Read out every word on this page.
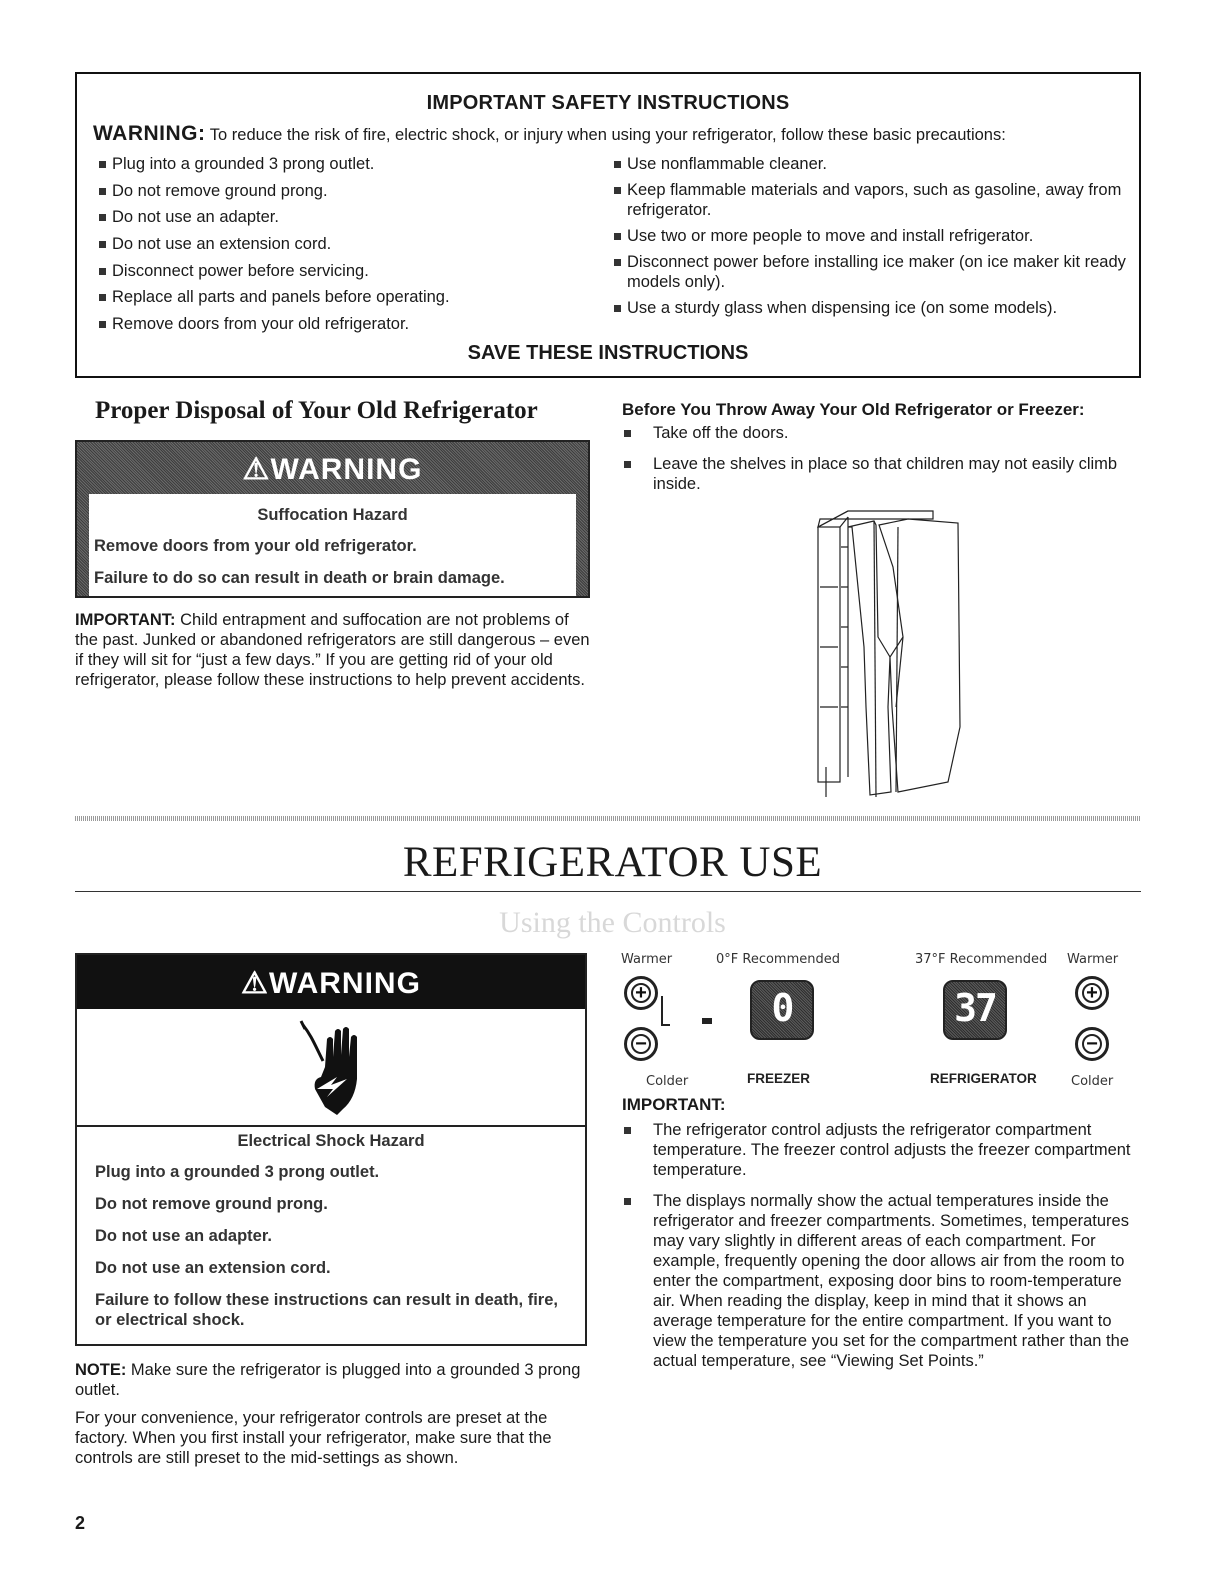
IMPORTANT SAFETY INSTRUCTIONS
WARNING: To reduce the risk of fire, electric shock, or injury when using your refrigerator, follow these basic precautions:
Plug into a grounded 3 prong outlet.
Do not remove ground prong.
Do not use an adapter.
Do not use an extension cord.
Disconnect power before servicing.
Replace all parts and panels before operating.
Remove doors from your old refrigerator.
Use nonflammable cleaner.
Keep flammable materials and vapors, such as gasoline, away from refrigerator.
Use two or more people to move and install refrigerator.
Disconnect power before installing ice maker (on ice maker kit ready models only).
Use a sturdy glass when dispensing ice (on some models).
SAVE THESE INSTRUCTIONS
Proper Disposal of Your Old Refrigerator
⚠WARNING
Suffocation Hazard
Remove doors from your old refrigerator.
Failure to do so can result in death or brain damage.
IMPORTANT: Child entrapment and suffocation are not problems of the past. Junked or abandoned refrigerators are still dangerous – even if they will sit for “just a few days.” If you are getting rid of your old refrigerator, please follow these instructions to help prevent accidents.
Before You Throw Away Your Old Refrigerator or Freezer:
Take off the doors.
Leave the shelves in place so that children may not easily climb inside.
REFRIGERATOR USE
Using the Controls
⚠WARNING
Electrical Shock Hazard
Plug into a grounded 3 prong outlet.
Do not remove ground prong.
Do not use an adapter.
Do not use an extension cord.
Failure to follow these instructions can result in death, fire, or electrical shock.
NOTE: Make sure the refrigerator is plugged into a grounded 3 prong outlet.
For your convenience, your refrigerator controls are preset at the factory. When you first install your refrigerator, make sure that the controls are still preset to the mid-settings as shown.
Warmer	0°F Recommended	37°F Recommended Warmer
+
−
0	37	+
−
Colder	FREEZER	REFRIGERATOR	Colder
IMPORTANT:
The refrigerator control adjusts the refrigerator compartment temperature. The freezer control adjusts the freezer compartment temperature.
The displays normally show the actual temperatures inside the refrigerator and freezer compartments. Sometimes, temperatures may vary slightly in different areas of each compartment. For example, frequently opening the door allows air from the room to enter the compartment, exposing door bins to room-temperature air. When reading the display, keep in mind that it shows an average temperature for the entire compartment. If you want to view the temperature you set for the compartment rather than the actual temperature, see “Viewing Set Points.”
2
